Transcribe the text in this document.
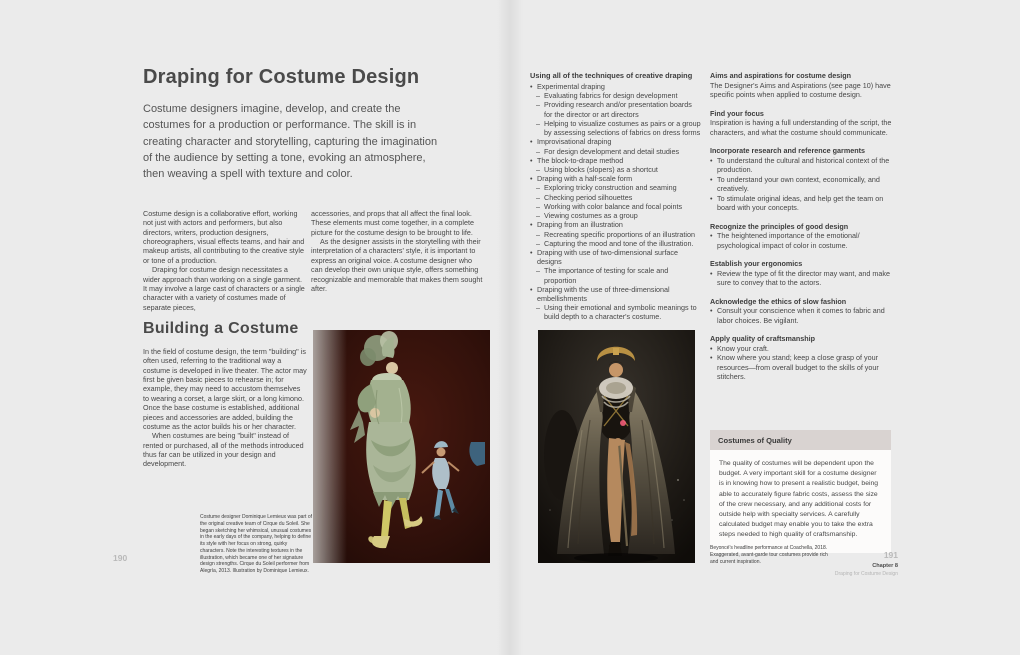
Draping for Costume Design

Costume designers imagine, develop, and create the costumes for a production or performance. The skill is in creating character and storytelling, capturing the imagination of the audience by setting a tone, evoking an atmosphere, then weaving a spell with texture and color.

Costume design is a collaborative effort, working not just with actors and performers, but also directors, writers, production designers, choreographers, visual effects teams, and hair and makeup artists, all contributing to the creative style or tone of a production.

Draping for costume design necessitates a wider approach than working on a single garment. It may involve a large cast of characters or a single character with a variety of costumes made of separate pieces,

accessories, and props that all affect the final look. These elements must come together, in a complete picture for the costume design to be brought to life.

As the designer assists in the storytelling with their interpretation of a characters' style, it is important to express an original voice. A costume designer who can develop their own unique style, offers something recognizable and memorable that makes them sought after.

Building a Costume

In the field of costume design, the term "building" is often used, referring to the traditional way a costume is developed in live theater. The actor may first be given basic pieces to rehearse in; for example, they may need to accustom themselves to wearing a corset, a large skirt, or a long kimono. Once the base costume is established, additional pieces and accessories are added, building the costume as the actor builds his or her character.

When costumes are being "built" instead of rented or purchased, all of the methods introduced thus far can be utilized in your design and development.

Costume designer Dominique Lemieux was part of the original creative team of Cirque du Soleil. She began sketching her whimsical, unusual costumes in the early days of the company, helping to define its style with her focus on strong, quirky characters. Note the interesting textures in the illustration, which became one of her signature design strengths. Cirque du Soleil performer from Alegría, 2013. Illustration by Dominique Lemieux.
190
Using all of the techniques of creative draping
• Experimental draping
– Evaluating fabrics for design development
– Providing research and/or presentation boards for the director or art directors
– Helping to visualize costumes as pairs or a group by assessing selections of fabrics on dress forms
• Improvisational draping
– For design development and detail studies
• The block-to-drape method
– Using blocks (slopers) as a shortcut
• Draping with a half-scale form
– Exploring tricky construction and seaming
– Checking period silhouettes
– Working with color balance and focal points
– Viewing costumes as a group
• Draping from an illustration
– Recreating specific proportions of an illustration
– Capturing the mood and tone of the illustration.
• Draping with use of two-dimensional surface designs
– The importance of testing for scale and proportion
• Draping with the use of three-dimensional embellishments
– Using their emotional and symbolic meanings to build depth to a character's costume.
Aims and aspirations for costume design
The Designer's Aims and Aspirations (see page 10) have specific points when applied to costume design.
Find your focus
Inspiration is having a full understanding of the script, the characters, and what the costume should communicate.
Incorporate research and reference garments
• To understand the cultural and historical context of the production.
• To understand your own context, economically, and creatively.
• To stimulate original ideas, and help get the team on board with your concepts.
Recognize the principles of good design
• The heightened importance of the emotional/ psychological impact of color in costume.
Establish your ergonomics
• Review the type of fit the director may want, and make sure to convey that to the actors.
Acknowledge the ethics of slow fashion
• Consult your conscience when it comes to fabric and labor choices. Be vigilant.
Apply quality of craftsmanship
• Know your craft.
• Know where you stand; keep a close grasp of your resources—from overall budget to the skills of your stitchers.
Costumes of Quality
The quality of costumes will be dependent upon the budget. A very important skill for a costume designer is in knowing how to present a realistic budget, being able to accurately figure fabric costs, assess the size of the crew necessary, and any additional costs for outside help with specialty services. A carefully calculated budget may enable you to take the extra steps needed to high quality of craftsmanship.
Beyoncé's headline performance at Coachella, 2018. Exaggerated, avant-garde tour costumes provide rich and current inspiration.
191
Chapter 8
Draping for Costume Design
